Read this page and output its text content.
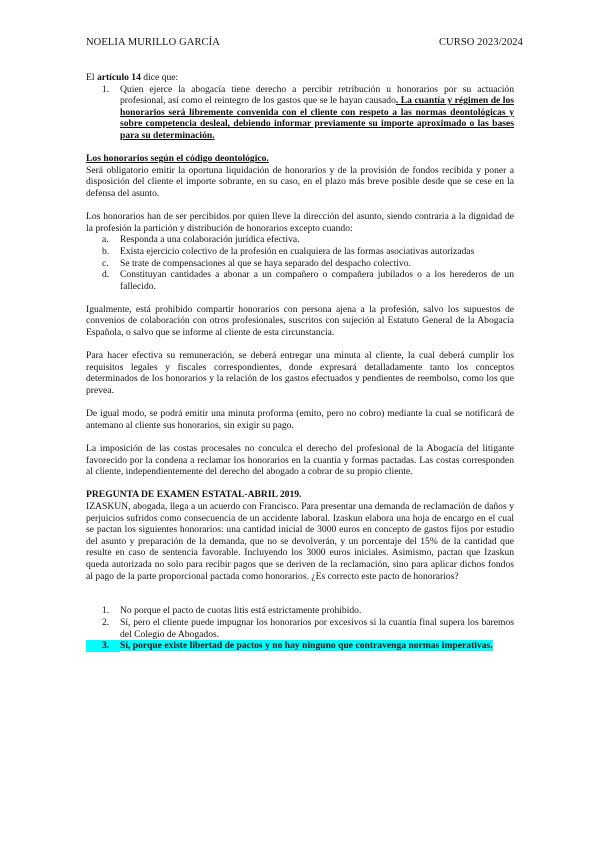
NOELIA MURILLO GARCÍA	CURSO 2023/2024

El artículo 14 dice que:

1.	Quien ejerce la abogacía tiene derecho a percibir retribución u honorarios por su actuación profesional, así como el reintegro de los gastos que se le hayan causado. La cuantía y régimen de los honorarios será libremente convenida con el cliente con respeto a las normas deontológicas y sobre competencia desleal, debiendo informar previamente su importe aproximado o las bases para su determinación.

Los honorarios según el código deontológico.

Será obligatorio emitir la oportuna liquidación de honorarios y de la provisión de fondos recibida y poner a disposición del cliente el importe sobrante, en su caso, en el plazo más breve posible desde que se cese en la defensa del asunto.

Los honorarios han de ser percibidos por quien lleve la dirección del asunto, siendo contraria a la dignidad de la profesión la partición y distribución de honorarios excepto cuando:

a.	Responda a una colaboración jurídica efectiva.
b.	Exista ejercicio colectivo de la profesión en cualquiera de las formas asociativas autorizadas
c.	Se trate de compensaciones al que se haya separado del despacho colectivo.
d.	Constituyan cantidades a abonar a un compañero o compañera jubilados o a los herederos de un fallecido.

Igualmente, está prohibido compartir honorarios con persona ajena a la profesión, salvo los supuestos de convenios de colaboración con otros profesionales, suscritos con sujeción al Estatuto General de la Abogacía Española, o salvo que se informe al cliente de esta circunstancia.

Para hacer efectiva su remuneración, se deberá entregar una minuta al cliente, la cual deberá cumplir los requisitos legales y fiscales correspondientes, donde expresará detalladamente tanto los conceptos determinados de los honorarios y la relación de los gastos efectuados y pendientes de reembolso, como los que prevea.

De igual modo, se podrá emitir una minuta proforma (emito, pero no cobro) mediante la cual se notificará de antemano al cliente sus honorarios, sin exigir su pago.

La imposición de las costas procesales no conculca el derecho del profesional de la Abogacía del litigante favorecido por la condena a reclamar los honorarios en la cuantía y formas pactadas. Las costas corresponden al cliente, independientemente del derecho del abogado a cobrar de su propio cliente.

PREGUNTA DE EXAMEN ESTATAL-ABRIL 2019.

IZASKUN, abogada, llega a un acuerdo con Francisco. Para presentar una demanda de reclamación de daños y perjuicios sufridos como consecuencia de un accidente laboral. Izaskun elabora una hoja de encargo en el cual se pactan los siguientes honorarios: una cantidad inicial de 3000 euros en concepto de gastos fijos por estudio del asunto y preparación de la demanda, que no se devolverán, y un porcentaje del 15% de la cantidad que resulte en caso de sentencia favorable. Incluyendo los 3000 euros iniciales. Asimismo, pactan que Izaskun queda autorizada no solo para recibir pagos que se deriven de la reclamación, sino para aplicar dichos fondos al pago de la parte proporcional pactada como honorarios. ¿Es correcto este pacto de honorarios?

1.	No porque el pacto de cuotas litis está estrictamente prohibido.
2.	Sí, pero el cliente puede impugnar los honorarios por excesivos si la cuantía final supera los baremos del Colegio de Abogados.
3.	Sí, porque existe libertad de pactos y no hay ninguno que contravenga normas imperativas.
